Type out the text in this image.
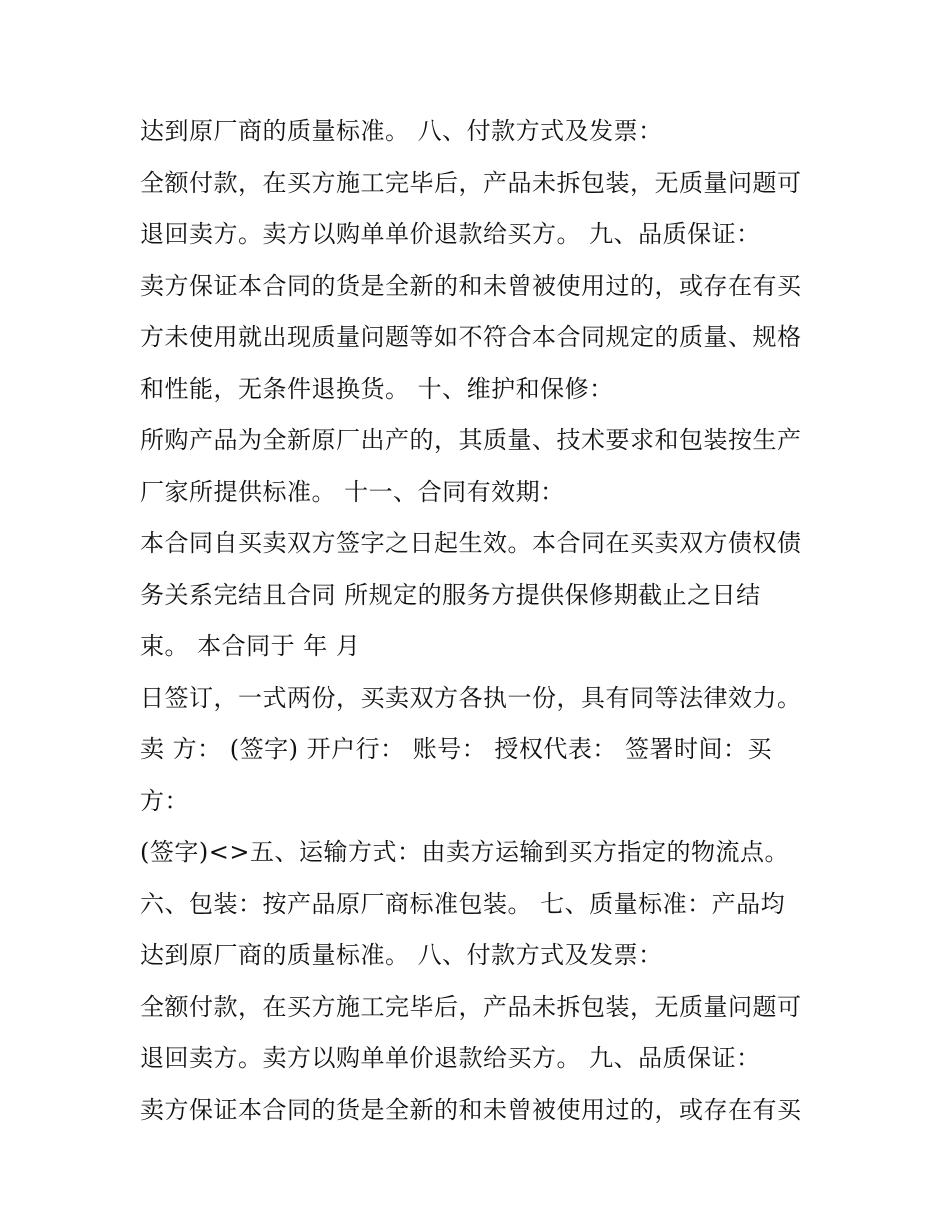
达到原厂商的质量标准。 八、付款方式及发票：
全额付款，在买方施工完毕后，产品未拆包装，无质量问题可
退回卖方。卖方以购单单价退款给买方。 九、品质保证：
卖方保证本合同的货是全新的和未曾被使用过的，或存在有买
方未使用就出现质量问题等如不符合本合同规定的质量、规格
和性能，无条件退换货。 十、维护和保修：
所购产品为全新原厂出产的，其质量、技术要求和包装按生产
厂家所提供标准。 十一、合同有效期：
本合同自买卖双方签字之日起生效。本合同在买卖双方债权债
务关系完结且合同 所规定的服务方提供保修期截止之日结
束。 本合同于 年 月
日签订，一式两份，买卖双方各执一份，具有同等法律效力。
卖 方： (签字) 开户行： 账号： 授权代表： 签署时间：买
方：
(签字)<>五、运输方式：由卖方运输到买方指定的物流点。
六、包装：按产品原厂商标准包装。 七、质量标准：产品均
达到原厂商的质量标准。 八、付款方式及发票：
全额付款，在买方施工完毕后，产品未拆包装，无质量问题可
退回卖方。卖方以购单单价退款给买方。 九、品质保证：
卖方保证本合同的货是全新的和未曾被使用过的，或存在有买
